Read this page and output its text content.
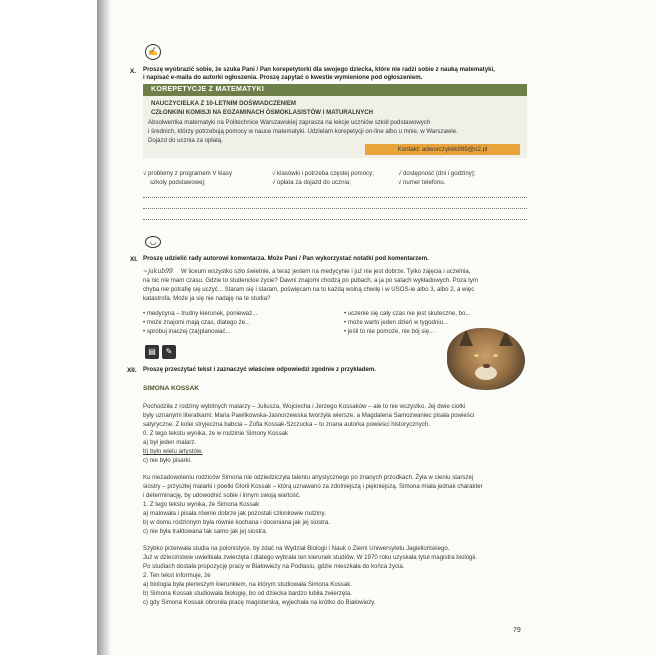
✍
X. Proszę wyobrazić sobie, że szuka Pani / Pan korepetytorki dla swojego dziecka, które nie radzi sobie z nauką matematyki,
i napisać e-maila do autorki ogłoszenia. Proszę zapytać o kwestie wymienione pod ogłoszeniem.
KOREPETYCJE Z MATEMATYKI
NAUCZYCIELKA Z 10-LETNIM DOŚWIADCZENIEM
CZŁONKINI KOMISJI NA EGZAMINACH ÓSMOKLASISTÓW I MATURALNYCH
Absolwentka matematyki na Politechnice Warszawskiej zaprasza na lekcje uczniów szkół podstawowych
i średnich, którzy potrzebują pomocy w nauce matematyki. Udzielam korepetycji on-line albo u mnie, w Warszawie.
Dojazd do ucznia za opłatą.
Kontakt: adworczykkk999@o2.pl
√ problemy z programem V klasy
szkoły podstawowej;
√ klasówki i potrzeba częstej pomocy;
√ opłata za dojazd do ucznia;
√ dostępność (dni i godziny);
√ numer telefonu.
◡
XI. Proszę udzielić rady autorowi komentarza. Może Pani / Pan wykorzystać notatki pod komentarzem.
~jakub99 W liceum wszystko szło świetnie, a teraz jestem na medycynie i już nie jest dobrze. Tylko zajęcia i uczelnia,
na nic nie mam czasu. Gdzie to studenckie życie? Dawni znajomi chodzą po pubach, a ja po salach wykładowych. Poza tym
chyba nie potrafię się uczyć... Staram się i staram, poświęcam na to każdą wolną chwilę i w USOS-ie albo 3, albo 2, a więc
katastrofa. Może ja się nie nadaję na te studia?
• medycyna – trudny kierunek, ponieważ...
• może znajomi mają czas, dlatego że...
• spróbuj inaczej (za)planować...
• uczenie się cały czas nie jest skuteczne, bo...
• może warto jeden dzień w tygodniu...
• jeśli to nie pomoże, nie bój się...
▤	✎
XII. Proszę przeczytać tekst i zaznaczyć właściwe odpowiedzi zgodnie z przykładem.
SIMONA KOSSAK
Pochodziła z rodziny wybitnych malarzy – Juliusza, Wojciecha i Jerzego Kossaków – ale to nie wszystko. Jej dwie ciotki
były uznanymi literatkami: Maria Pawlikowska-Jasnorzewska tworzyła wiersze, a Magdalena Samozwaniec pisała powieści
satyryczne. Z kolei stryjeczna babcia – Zofia Kossak-Szczucka – to znana autorka powieści historycznych.
0. Z tego tekstu wynika, że w rodzinie Simony Kossak
a) był jeden malarz.
b) było wielu artystów.
c) nie było pisarki.
Ku niezadowoleniu rodziców Simona nie odziedziczyła talentu artystycznego po znanych przodkach. Żyła w cieniu starszej
siostry – przyszłej malarki i poetki Glorii Kossak – którą uznawano za zdolniejszą i piękniejszą. Simona miała jednak charakter
i determinację, by udowodnić sobie i innym swoją wartość.
1. Z tego tekstu wynika, że Simona Kossak
a) malowała i pisała równie dobrze jak pozostali członkowie rodziny.
b) w domu rodzinnym była równie kochana i doceniana jak jej siostra.
c) nie była traktowana tak samo jak jej siostra.
Szybko przerwała studia na polonistyce, by zdać na Wydział Biologii i Nauk o Ziemi Uniwersytetu Jagiellońskiego.
Już w dzieciństwie uwielbiała zwierzęta i dlatego wybrała ten kierunek studiów. W 1970 roku uzyskała tytuł magistra biologii.
Po studiach dostała propozycję pracy w Białowieży na Podlasiu, gdzie mieszkała do końca życia.
2. Ten tekst informuje, że
a) biologia była pierwszym kierunkiem, na którym studiowała Simona Kossak.
b) Simona Kossak studiowała biologię, bo od dziecka bardzo lubiła zwierzęta.
c) gdy Simona Kossak obroniła pracę magisterską, wyjechała na krótko do Białowieży.
79
